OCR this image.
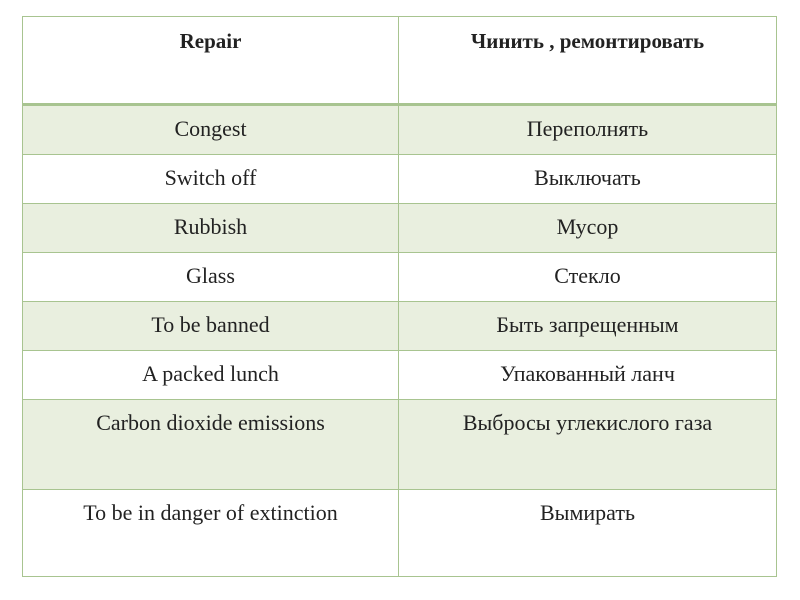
Repair	Чинить , ремонтировать
Congest	Переполнять
Switch off	Выключать
Rubbish	Мусор
Glass	Стекло
To be banned	Быть запрещенным
A packed lunch	Упакованный ланч
Carbon dioxide emissions	Выбросы углекислого газа
To be in danger of extinction	Вымирать
